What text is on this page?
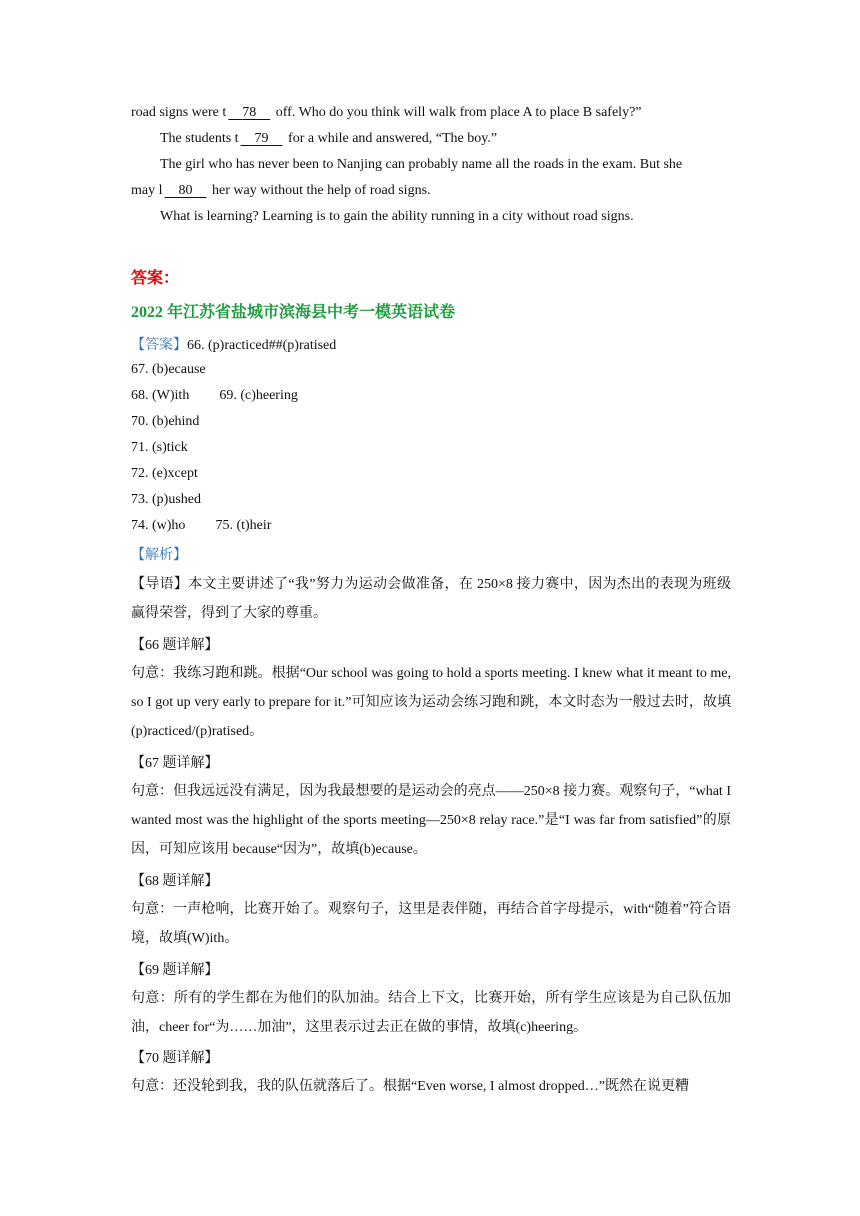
road signs were t 78 off. Who do you think will walk from place A to place B safely?”
The students t 79 for a while and answered, “The boy.”
The girl who has never been to Nanjing can probably name all the roads in the exam. But she
may l 80 her way without the help of road signs.
What is learning? Learning is to gain the ability running in a city without road signs.
答案：
2022 年江苏省盐城市滨海县中考一模英语试卷
【答案】66. (p)racticed##(p)ratised
67. (b)ecause
68. (W)ith 69. (c)heering
70. (b)ehind
71. (s)tick
72. (e)xcept
73. (p)ushed
74. (w)ho 75. (t)heir
【解析】
【导语】本文主要讲述了“我”努力为运动会做准备，在 250×8 接力赛中，因为杰出的表现为班级赢得荣誉，得到了大家的尊重。
【66 题详解】
句意：我练习跑和跳。根据“Our school was going to hold a sports meeting. I knew what it meant to me, so I got up very early to prepare for it.”可知应该为运动会练习跑和跳，本文时态为一般过去时，故填(p)racticed/(p)ratised。
【67 题详解】
句意：但我远远没有满足，因为我最想要的是运动会的亮点——250×8 接力赛。观察句子，“what I wanted most was the highlight of the sports meeting—250×8 relay race.”是“I was far from satisfied”的原因，可知应该用 because“因为”，故填(b)ecause。
【68 题详解】
句意：一声枪响，比赛开始了。观察句子，这里是表伴随，再结合首字母提示，with“随着”符合语境，故填(W)ith。
【69 题详解】
句意：所有的学生都在为他们的队加油。结合上下文，比赛开始，所有学生应该是为自己队伍加油，cheer for“为……加油”，这里表示过去正在做的事情，故填(c)heering。
【70 题详解】
句意：还没轮到我，我的队伍就落后了。根据“Even worse, I almost dropped…”既然在说更糟
